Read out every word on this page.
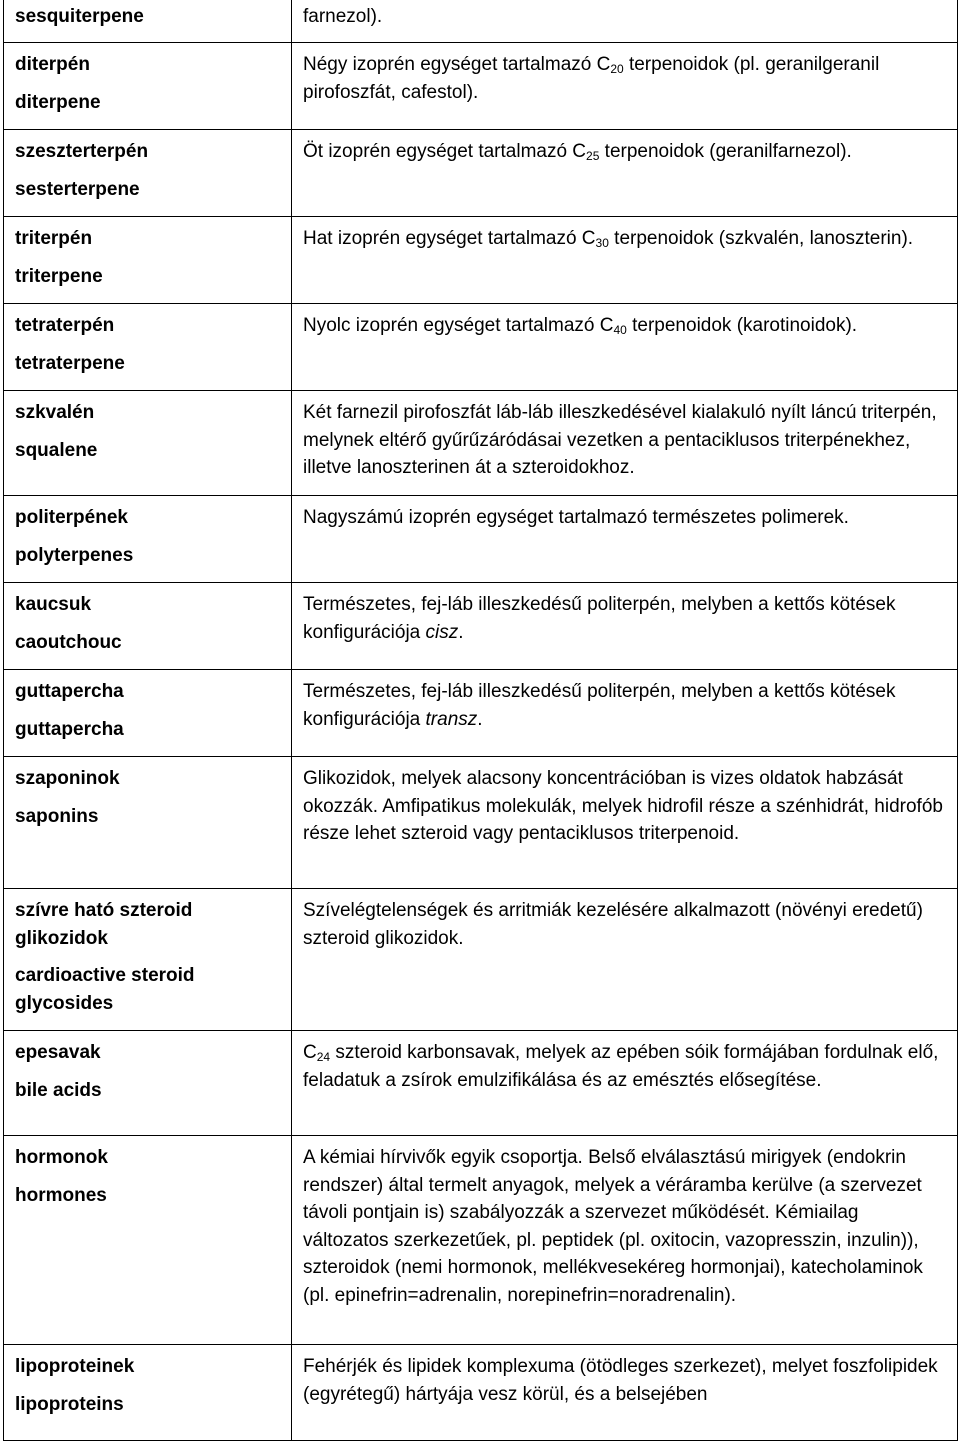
sesquiterpene	farnezol).

diterpén
diterpene	Négy izoprén egységet tartalmazó $C_{20}$ terpenoidok (pl. geranilgeranil pirofoszfát, cafestol).

szeszterterpén
sesterterpene	Öt izoprén egységet tartalmazó $C_{25}$ terpenoidok (geranilfarnezol).

triterpén
triterpene	Hat izoprén egységet tartalmazó $C_{30}$ terpenoidok (szkvalén, lanoszterin).

tetraterpén
tetraterpene	Nyolc izoprén egységet tartalmazó $C_{40}$ terpenoidok (karotinoidok).

szkvalén
squalene	Két farnezil pirofoszfát láb-láb illeszkedésével kialakuló nyílt láncú triterpén, melynek eltérő gyűrűzáródásai vezetken a pentaciklusos triterpénekhez, illetve lanoszterinen át a szteroidokhoz.

politerpének
polyterpenes	Nagyszámú izoprén egységet tartalmazó természetes polimerek.

kaucsuk
caoutchouc	Természetes, fej-láb illeszkedésű politerpén, melyben a kettős kötések konfigurációja cisz.

guttapercha
guttapercha	Természetes, fej-láb illeszkedésű politerpén, melyben a kettős kötések konfigurációja transz.

szaponinok
saponins	Glikozidok, melyek alacsony koncentrációban is vizes oldatok habzását okozzák. Amfipatikus molekulák, melyek hidrofil része a szénhidrát, hidrofób része lehet szteroid vagy pentaciklusos triterpenoid.

szívre ható szteroid
glikozidok
cardioactive steroid
glycosides	Szívelégtelenségek és arritmiák kezelésére alkalmazott (növényi eredetű) szteroid glikozidok.

epesavak
bile acids	$C_{24}$ szteroid karbonsavak, melyek az epében sóik formájában fordulnak elő, feladatuk a zsírok emulzifikálása és az emésztés elősegítése.

hormonok
hormones	A kémiai hírvivők egyik csoportja. Belső elválasztású mirigyek (endokrin rendszer) által termelt anyagok, melyek a véráramba kerülve (a szervezet távoli pontjain is) szabályozzák a szervezet működését. Kémiailag változatos szerkezetűek, pl. peptidek (pl. oxitocin, vazopresszin, inzulin)), szteroidok (nemi hormonok, mellékvesekéreg hormonjai), katecholaminok (pl. epinefrin=adrenalin, norepinefrin=noradrenalin).

lipoproteinek
lipoproteins	Fehérjék és lipidek komplexuma (ötödleges szerkezet), melyet foszfolipidek (egyrétegű) hártyája vesz körül, és a belsejében
